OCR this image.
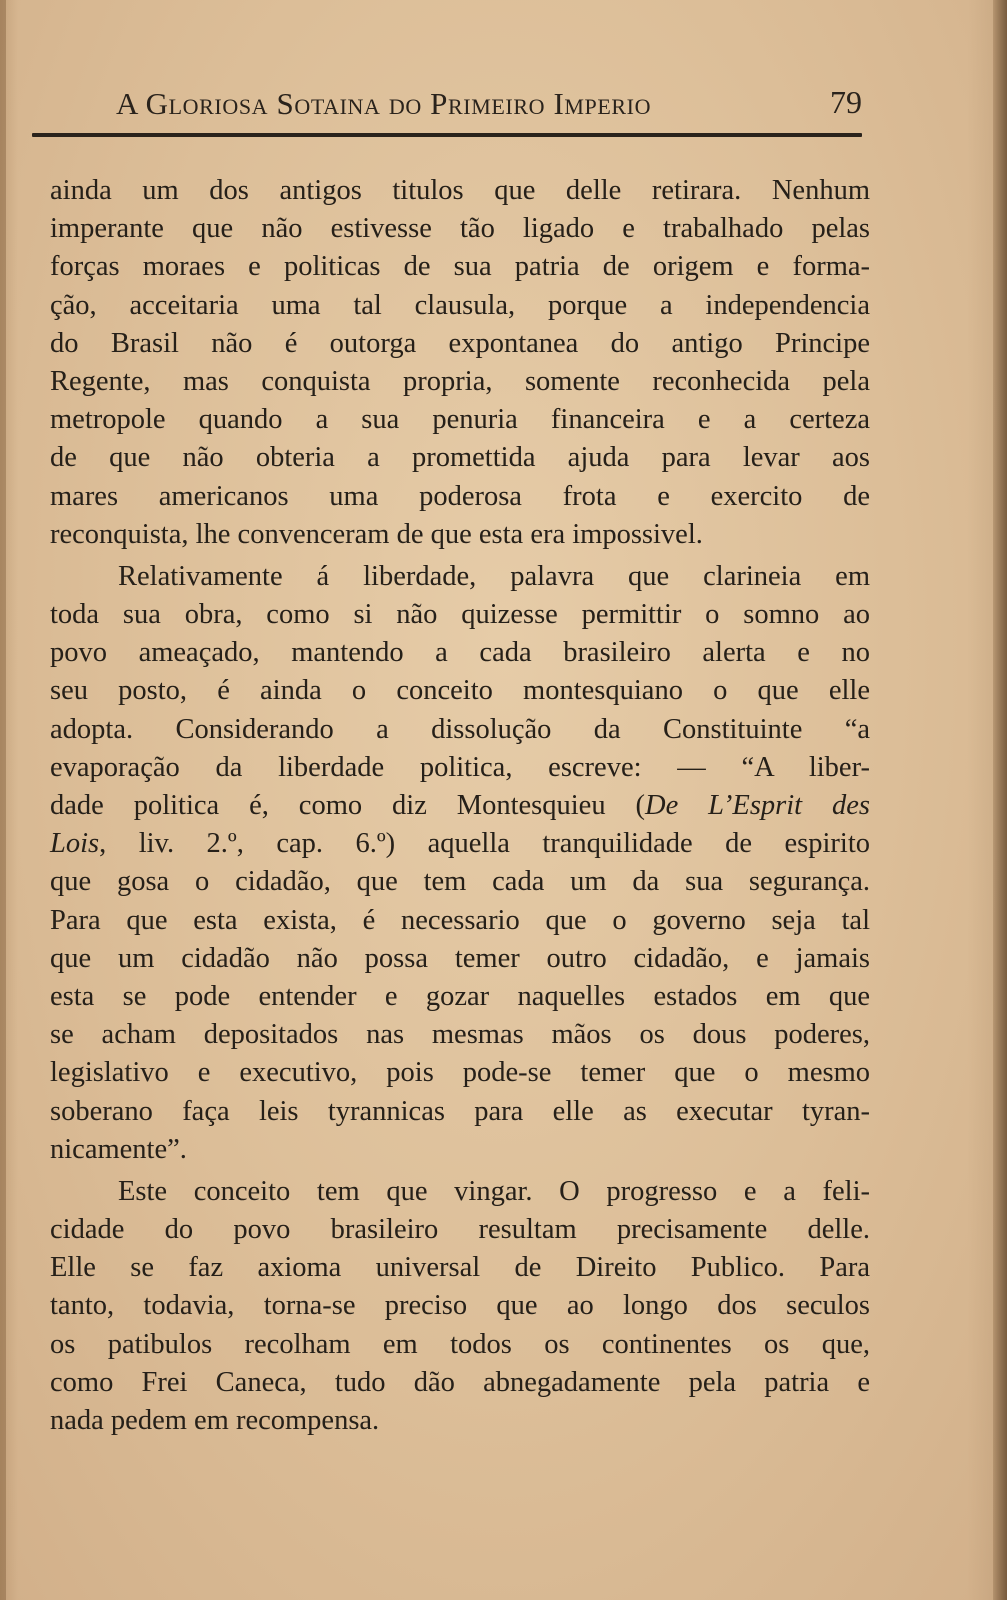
A Gloriosa Sotaina do Primeiro Imperio	79
ainda um dos antigos titulos que delle retirara. Nenhum
imperante que não estivesse tão ligado e trabalhado pelas
forças moraes e politicas de sua patria de origem e forma-
ção, acceitaria uma tal clausula, porque a independencia
do Brasil não é outorga expontanea do antigo Principe
Regente, mas conquista propria, somente reconhecida pela
metropole quando a sua penuria financeira e a certeza
de que não obteria a promettida ajuda para levar aos
mares americanos uma poderosa frota e exercito de
reconquista, lhe convenceram de que esta era impossivel.
Relativamente á liberdade, palavra que clarineia em
toda sua obra, como si não quizesse permittir o somno ao
povo ameaçado, mantendo a cada brasileiro alerta e no
seu posto, é ainda o conceito montesquiano o que elle
adopta. Considerando a dissolução da Constituinte “a
evaporação da liberdade politica, escreve: — “A liber-
dade politica é, como diz Montesquieu (De L’Esprit des
Lois, liv. 2.º, cap. 6.º) aquella tranquilidade de espirito
que gosa o cidadão, que tem cada um da sua segurança.
Para que esta exista, é necessario que o governo seja tal
que um cidadão não possa temer outro cidadão, e jamais
esta se pode entender e gozar naquelles estados em que
se acham depositados nas mesmas mãos os dous poderes,
legislativo e executivo, pois pode-se temer que o mesmo
soberano faça leis tyrannicas para elle as executar tyran-
nicamente”.
Este conceito tem que vingar. O progresso e a feli-
cidade do povo brasileiro resultam precisamente delle.
Elle se faz axioma universal de Direito Publico. Para
tanto, todavia, torna-se preciso que ao longo dos seculos
os patibulos recolham em todos os continentes os que,
como Frei Caneca, tudo dão abnegadamente pela patria e
nada pedem em recompensa.
